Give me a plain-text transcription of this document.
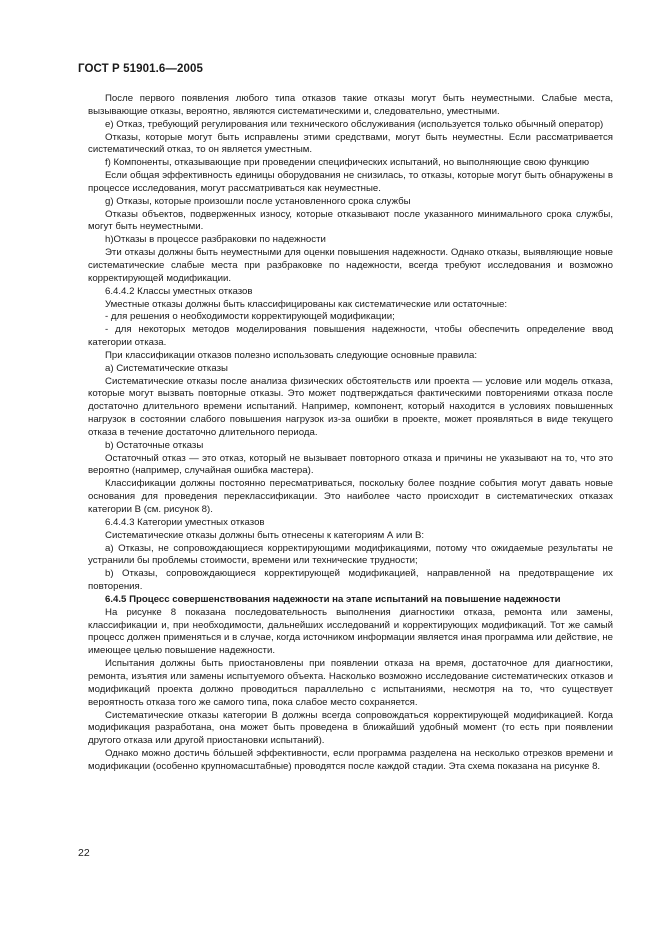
ГОСТ Р 51901.6—2005

После первого появления любого типа отказов такие отказы могут быть неуместными. Слабые места, вызывающие отказы, вероятно, являются систематическими и, следовательно, уместными.

e) Отказ, требующий регулирования или технического обслуживания (используется только обычный оператор)

Отказы, которые могут быть исправлены этими средствами, могут быть неуместны. Если рассматривается систематический отказ, то он является уместным.

f) Компоненты, отказывающие при проведении специфических испытаний, но выполняющие свою функцию

Если общая эффективность единицы оборудования не снизилась, то отказы, которые могут быть обнаружены в процессе исследования, могут рассматриваться как неуместные.

g) Отказы, которые произошли после установленного срока службы

Отказы объектов, подверженных износу, которые отказывают после указанного минимального срока службы, могут быть неуместными.

h)Отказы в процессе разбраковки по надежности

Эти отказы должны быть неуместными для оценки повышения надежности. Однако отказы, выявляющие новые систематические слабые места при разбраковке по надежности, всегда требуют исследования и возможно корректирующей модификации.

6.4.4.2 Классы уместных отказов

Уместные отказы должны быть классифицированы как систематические или остаточные:

- для решения о необходимости корректирующей модификации;

- для некоторых методов моделирования повышения надежности, чтобы обеспечить определение ввод категории отказа.

При классификации отказов полезно использовать следующие основные правила:

a) Систематические отказы

Систематические отказы после анализа физических обстоятельств или проекта — условие или модель отказа, которые могут вызвать повторные отказы. Это может подтверждаться фактическими повторениями отказа после достаточно длительного времени испытаний. Например, компонент, который находится в условиях повышенных нагрузок в состоянии слабого повышения нагрузок из-за ошибки в проекте, может проявляться в виде текущего отказа в течение достаточно длительного периода.

b) Остаточные отказы

Остаточный отказ — это отказ, который не вызывает повторного отказа и причины не указывают на то, что это вероятно (например, случайная ошибка мастера).

Классификации должны постоянно пересматриваться, поскольку более поздние события могут давать новые основания для проведения переклассификации. Это наиболее часто происходит в систематических отказах категории В (см. рисунок 8).

6.4.4.3 Категории уместных отказов

Систематические отказы должны быть отнесены к категориям А или В:

a) Отказы, не сопровождающиеся корректирующими модификациями, потому что ожидаемые результаты не устранили бы проблемы стоимости, времени или технические трудности;

b) Отказы, сопровождающиеся корректирующей модификацией, направленной на предотвращение их повторения.

6.4.5 Процесс совершенствования надежности на этапе испытаний на повышение надежности

На рисунке 8 показана последовательность выполнения диагностики отказа, ремонта или замены, классификации и, при необходимости, дальнейших исследований и корректирующих модификаций. Тот же самый процесс должен применяться и в случае, когда источником информации является иная программа или действие, не имеющее целью повышение надежности.

Испытания должны быть приостановлены при появлении отказа на время, достаточное для диагностики, ремонта, изъятия или замены испытуемого объекта. Насколько возможно исследование систематических отказов и модификаций проекта должно проводиться параллельно с испытаниями, несмотря на то, что существует вероятность отказа того же самого типа, пока слабое место сохраняется.

Систематические отказы категории В должны всегда сопровождаться корректирующей модификацией. Когда модификация разработана, она может быть проведена в ближайший удобный момент (то есть при появлении другого отказа или другой приостановки испытаний).

Однако можно достичь бо́льшей эффективности, если программа разделена на несколько отрезков времени и модификации (особенно крупномасштабные) проводятся после каждой стадии. Эта схема показана на рисунке 8.

22
